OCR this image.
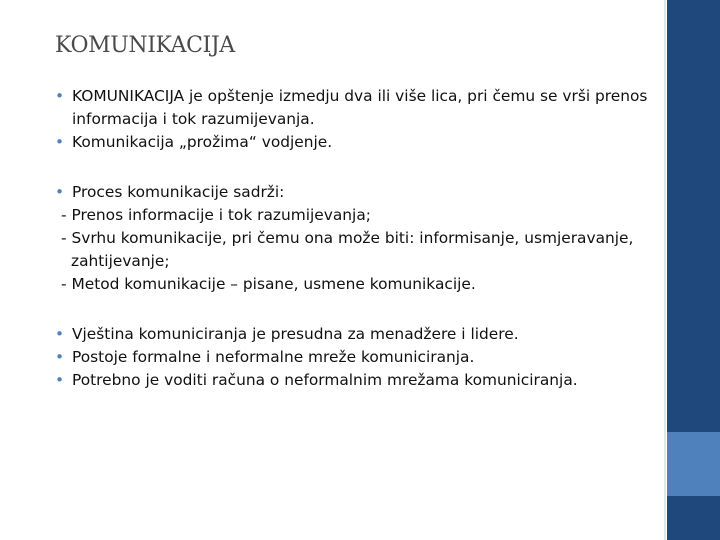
KOMUNIKACIJA
• KOMUNIKACIJA je opštenje izmedju dva ili više lica, pri čemu se vrši prenos informacija i tok razumijevanja.
• Komunikacija „prožima“ vodjenje.
• Proces komunikacije sadrži:
- Prenos informacije i tok razumijevanja;
- Svrhu komunikacije, pri čemu ona može biti: informisanje, usmjeravanje, zahtijevanje;
- Metod komunikacije – pisane, usmene komunikacije.
• Vještina komuniciranja je presudna za menadžere i lidere.
• Postoje formalne i neformalne mreže komuniciranja.
• Potrebno je voditi računa o neformalnim mrežama komuniciranja.
